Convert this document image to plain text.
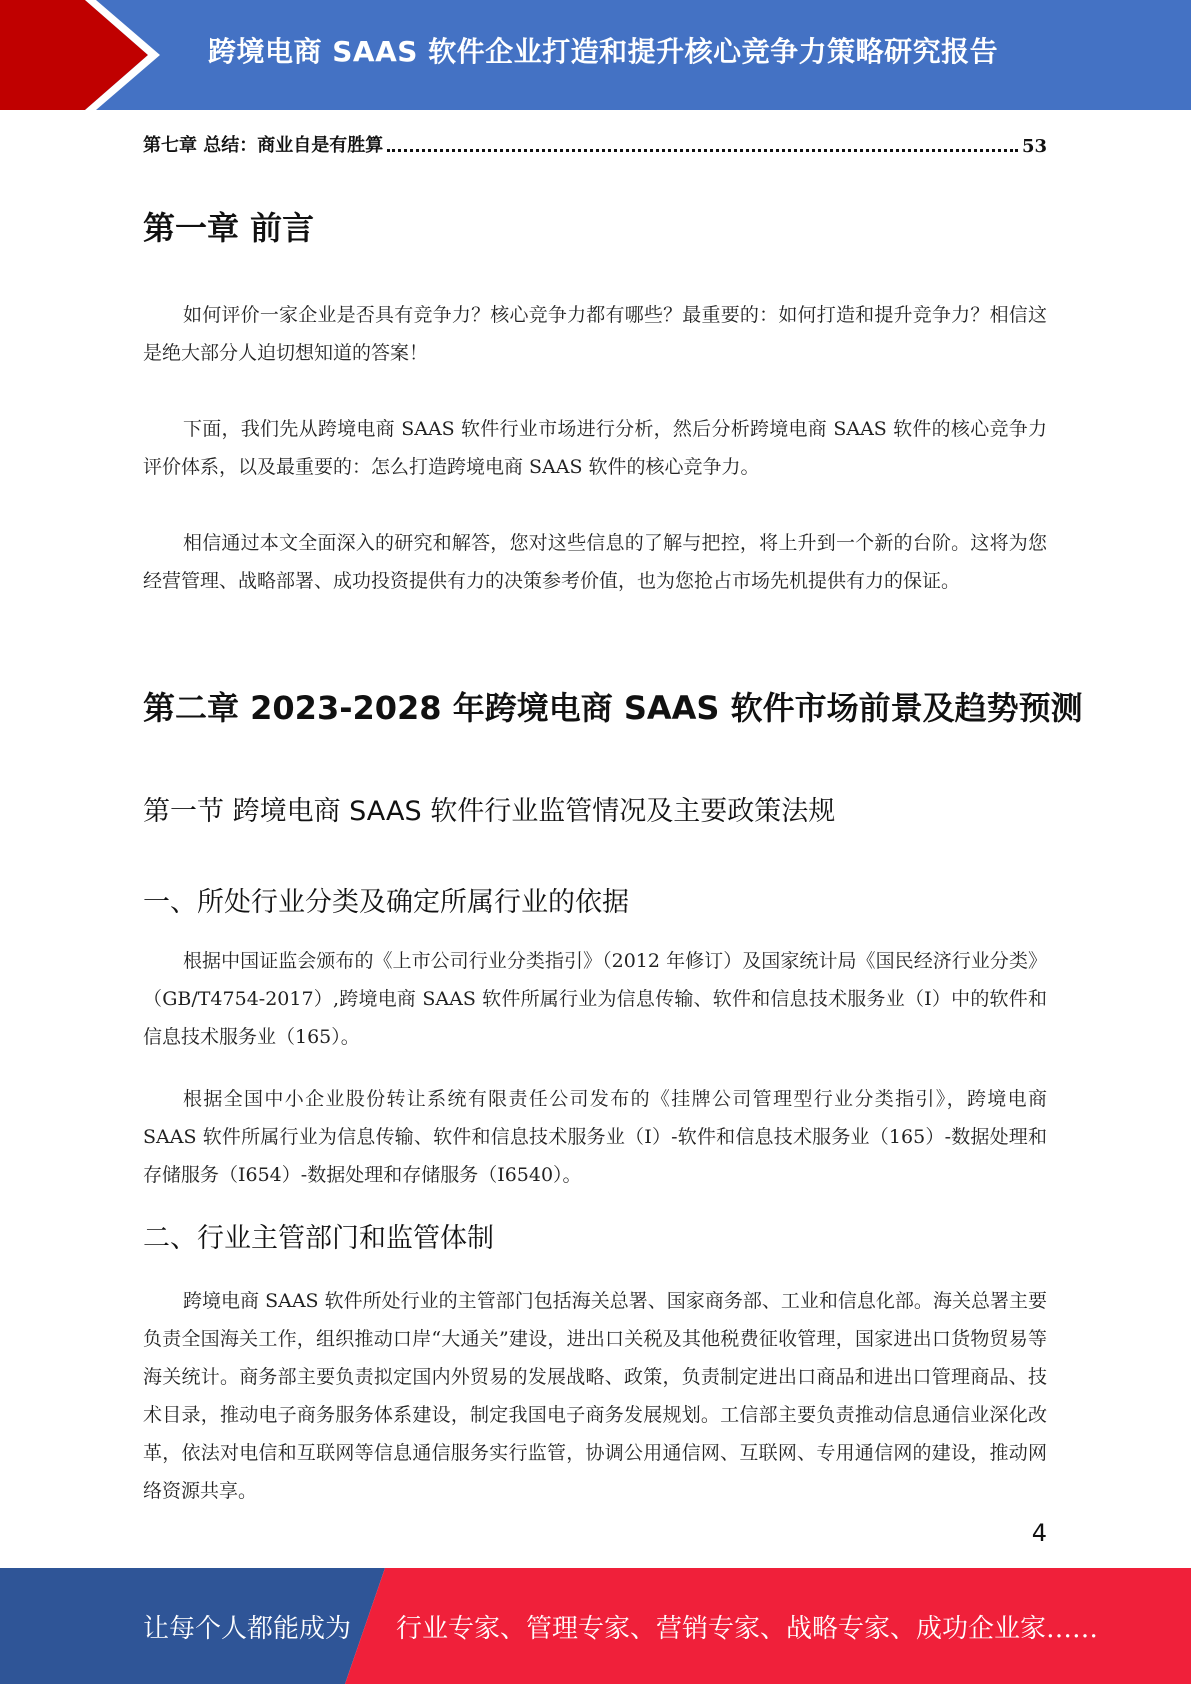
跨境电商 SAAS 软件企业打造和提升核心竞争力策略研究报告
第七章 总结：商业自是有胜算	53
第一章 前言

如何评价一家企业是否具有竞争力？核心竞争力都有哪些？最重要的：如何打造和提升竞争力？相信这是绝大部分人迫切想知道的答案！

下面，我们先从跨境电商 SAAS 软件行业市场进行分析，然后分析跨境电商 SAAS 软件的核心竞争力评价体系，以及最重要的：怎么打造跨境电商 SAAS 软件的核心竞争力。

相信通过本文全面深入的研究和解答，您对这些信息的了解与把控，将上升到一个新的台阶。这将为您经营管理、战略部署、成功投资提供有力的决策参考价值，也为您抢占市场先机提供有力的保证。

第二章 2023-2028 年跨境电商 SAAS 软件市场前景及趋势预测
第一节 跨境电商 SAAS 软件行业监管情况及主要政策法规
一、所处行业分类及确定所属行业的依据

根据中国证监会颁布的《上市公司行业分类指引》（2012 年修订）及国家统计局《国民经济行业分类》（GB/T4754-2017）,跨境电商 SAAS 软件所属行业为信息传输、软件和信息技术服务业（I）中的软件和信息技术服务业（165）。

根据全国中小企业股份转让系统有限责任公司发布的《挂牌公司管理型行业分类指引》，跨境电商 SAAS 软件所属行业为信息传输、软件和信息技术服务业（I）-软件和信息技术服务业（165）-数据处理和存储服务（I654）-数据处理和存储服务（I6540）。

二、行业主管部门和监管体制

跨境电商 SAAS 软件所处行业的主管部门包括海关总署、国家商务部、工业和信息化部。海关总署主要负责全国海关工作，组织推动口岸“大通关”建设，进出口关税及其他税费征收管理，国家进出口货物贸易等海关统计。商务部主要负责拟定国内外贸易的发展战略、政策，负责制定进出口商品和进出口管理商品、技术目录，推动电子商务服务体系建设，制定我国电子商务发展规划。工信部主要负责推动信息通信业深化改革，依法对电信和互联网等信息通信服务实行监管，协调公用通信网、互联网、专用通信网的建设，推动网络资源共享。

4
让每个人都能成为 行业专家、管理专家、营销专家、战略专家、成功企业家……
